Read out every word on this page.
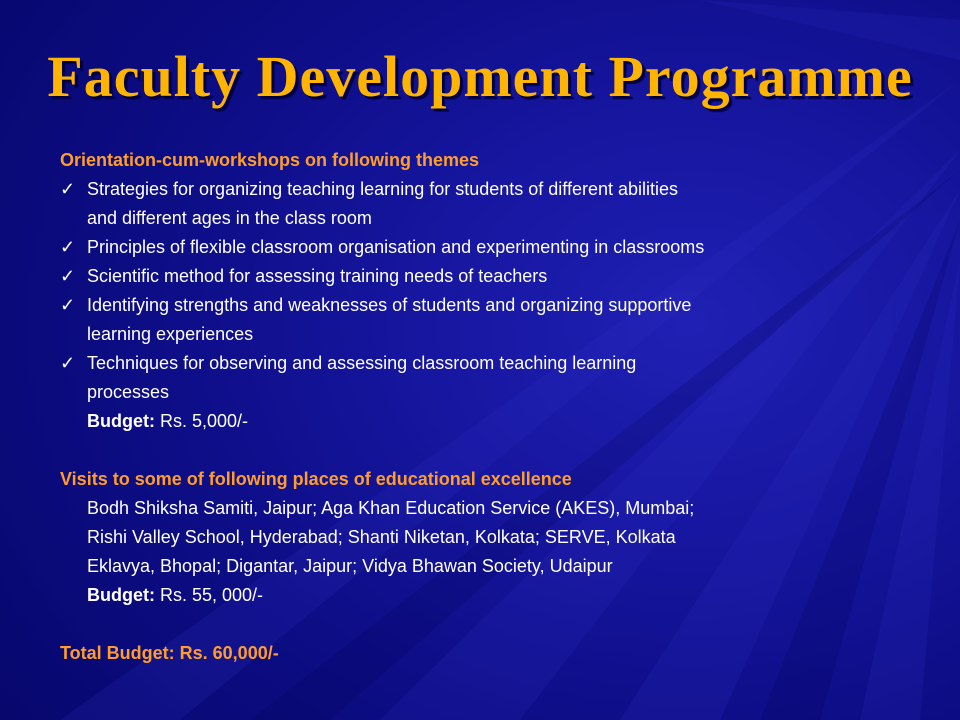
Faculty Development Programme
Orientation-cum-workshops on following themes
✓ Strategies for organizing teaching learning for students of different abilities
and different ages in the class room
✓ Principles of flexible classroom organisation and experimenting in classrooms
✓ Scientific method for assessing training needs of teachers
✓ Identifying strengths and weaknesses of students and organizing supportive
learning experiences
✓ Techniques for observing and assessing classroom teaching learning
processes
Budget: Rs. 5,000/-
Visits to some of following places of educational excellence
Bodh Shiksha Samiti, Jaipur; Aga Khan Education Service (AKES), Mumbai;
Rishi Valley School, Hyderabad; Shanti Niketan, Kolkata; SERVE, Kolkata
Eklavya, Bhopal; Digantar, Jaipur; Vidya Bhawan Society, Udaipur
Budget: Rs. 55, 000/-
Total Budget: Rs. 60,000/-
